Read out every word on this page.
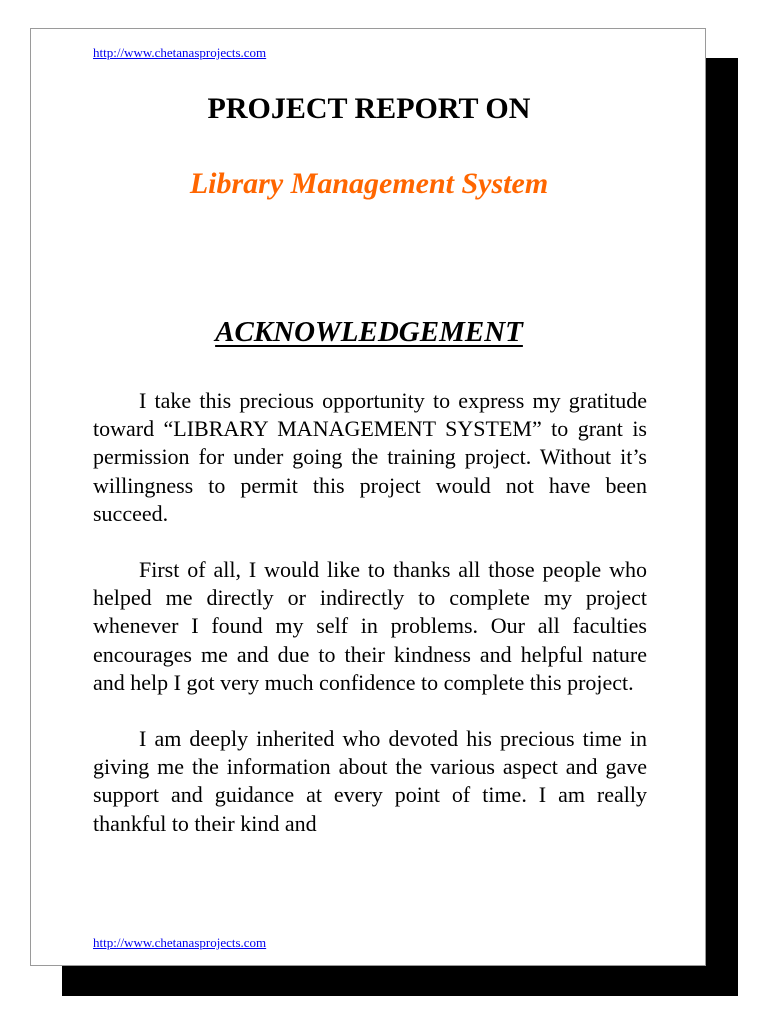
http://www.chetanasprojects.com
PROJECT REPORT ON
Library Management System
ACKNOWLEDGEMENT

I take this precious opportunity to express my gratitude toward “LIBRARY MANAGEMENT SYSTEM” to grant is permission for under going the training project. Without it’s willingness to permit this project would not have been succeed.

First of all, I would like to thanks all those people who helped me directly or indirectly to complete my project whenever I found my self in problems. Our all faculties encourages me and due to their kindness and helpful nature and help I got very much confidence to complete this project.

I am deeply inherited who devoted his precious time in giving me the information about the various aspect and gave support and guidance at every point of time. I am really thankful to their kind and

http://www.chetanasprojects.com
